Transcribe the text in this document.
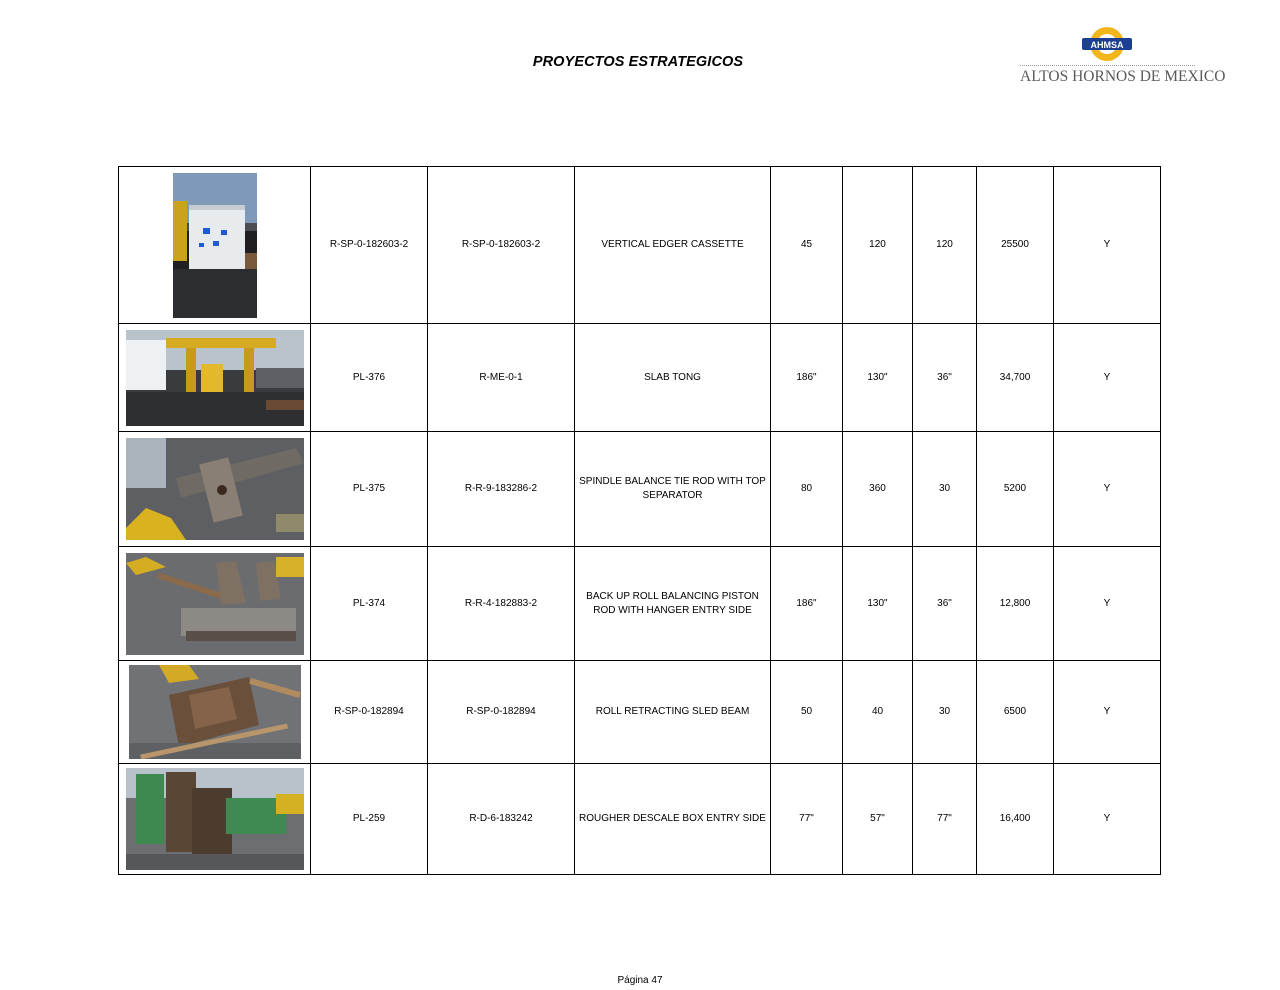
PROYECTOS ESTRATEGICOS
AHMSA
ALTOS HORNOS DE MEXICO
	R-SP-0-182603-2	R-SP-0-182603-2	VERTICAL EDGER CASSETTE	45	120	120	25500	Y

	PL-376	R-ME-0-1	SLAB TONG	186"	130"	36"	34,700	Y

	PL-375	R-R-9-183286-2	SPINDLE BALANCE TIE ROD WITH TOP SEPARATOR	80	360	30	5200	Y

	PL-374	R-R-4-182883-2	BACK UP ROLL BALANCING PISTON ROD WITH HANGER ENTRY SIDE	186"	130"	36"	12,800	Y

	R-SP-0-182894	R-SP-0-182894	ROLL RETRACTING SLED BEAM	50	40	30	6500	Y

	PL-259	R-D-6-183242	ROUGHER DESCALE BOX ENTRY SIDE	77"	57"	77"	16,400	Y
Página 47
